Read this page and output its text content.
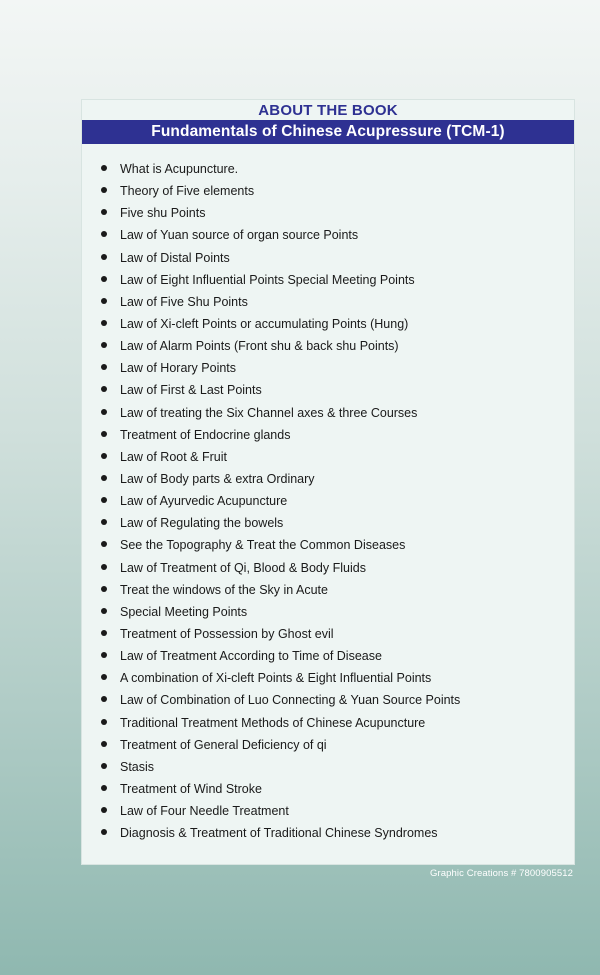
ABOUT THE BOOK
Fundamentals of Chinese Acupressure (TCM-1)
What is Acupuncture.
Theory of Five elements
Five shu Points
Law of Yuan source of organ source Points
Law of Distal Points
Law of Eight Influential Points Special Meeting Points
Law of Five Shu Points
Law of Xi-cleft Points or accumulating Points (Hung)
Law of Alarm Points (Front shu & back shu Points)
Law of Horary Points
Law of First & Last Points
Law of treating the Six Channel axes & three Courses
Treatment of Endocrine glands
Law of Root & Fruit
Law of Body parts & extra Ordinary
Law of Ayurvedic Acupuncture
Law of Regulating the bowels
See the Topography & Treat the Common Diseases
Law of Treatment of Qi, Blood & Body Fluids
Treat the windows of the Sky in Acute
Special Meeting Points
Treatment of Possession by Ghost evil
Law of Treatment According to Time of Disease
A combination of Xi-cleft Points & Eight Influential Points
Law of Combination of Luo Connecting & Yuan Source Points
Traditional Treatment Methods of Chinese Acupuncture
Treatment of General Deficiency of qi
Stasis
Treatment of Wind Stroke
Law of Four Needle Treatment
Diagnosis & Treatment of Traditional Chinese Syndromes
Graphic Creations # 7800905512
